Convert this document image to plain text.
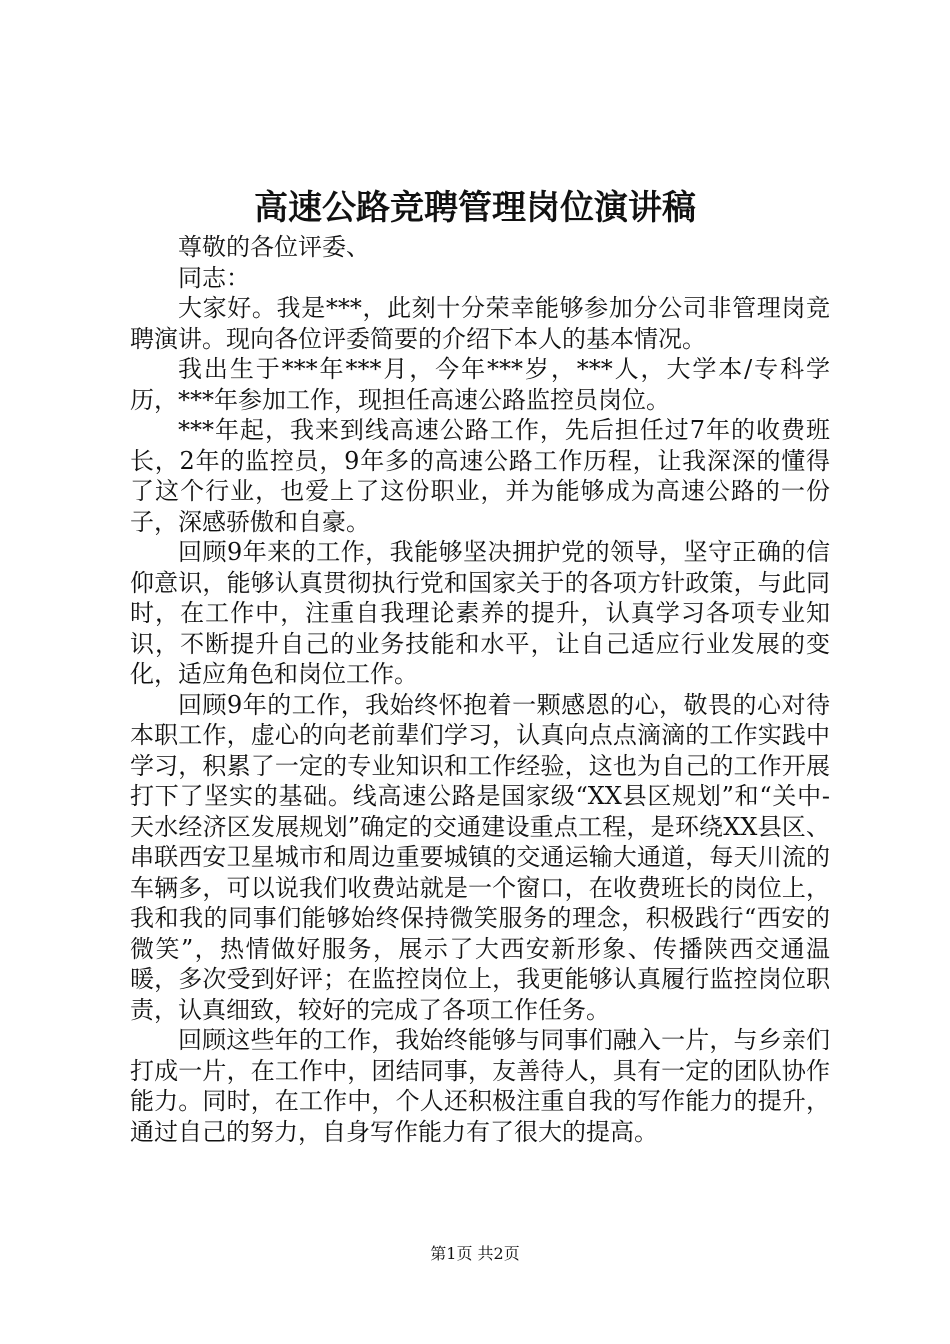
高速公路竞聘管理岗位演讲稿

尊敬的各位评委、

同志：

大家好。我是***，此刻十分荣幸能够参加分公司非管理岗竞聘演讲。现向各位评委简要的介绍下本人的基本情况。

我出生于***年***月，今年***岁，***人，大学本/专科学历，***年参加工作，现担任高速公路监控员岗位。

***年起，我来到线高速公路工作，先后担任过7年的收费班长，2年的监控员，9年多的高速公路工作历程，让我深深的懂得了这个行业，也爱上了这份职业，并为能够成为高速公路的一份子，深感骄傲和自豪。

回顾9年来的工作，我能够坚决拥护党的领导，坚守正确的信仰意识，能够认真贯彻执行党和国家关于的各项方针政策，与此同时，在工作中，注重自我理论素养的提升，认真学习各项专业知识，不断提升自己的业务技能和水平，让自己适应行业发展的变化，适应角色和岗位工作。

回顾9年的工作，我始终怀抱着一颗感恩的心，敬畏的心对待本职工作，虚心的向老前辈们学习，认真向点点滴滴的工作实践中学习，积累了一定的专业知识和工作经验，这也为自己的工作开展打下了坚实的基础。线高速公路是国家级“XX县区规划”和“关中-天水经济区发展规划”确定的交通建设重点工程，是环绕XX县区、串联西安卫星城市和周边重要城镇的交通运输大通道，每天川流的车辆多，可以说我们收费站就是一个窗口，在收费班长的岗位上，我和我的同事们能够始终保持微笑服务的理念，积极践行“西安的微笑”，热情做好服务，展示了大西安新形象、传播陕西交通温暖，多次受到好评；在监控岗位上，我更能够认真履行监控岗位职责，认真细致，较好的完成了各项工作任务。

回顾这些年的工作，我始终能够与同事们融入一片，与乡亲们打成一片，在工作中，团结同事，友善待人，具有一定的团队协作能力。同时，在工作中，个人还积极注重自我的写作能力的提升，通过自己的努力，自身写作能力有了很大的提高。

第1页 共2页
